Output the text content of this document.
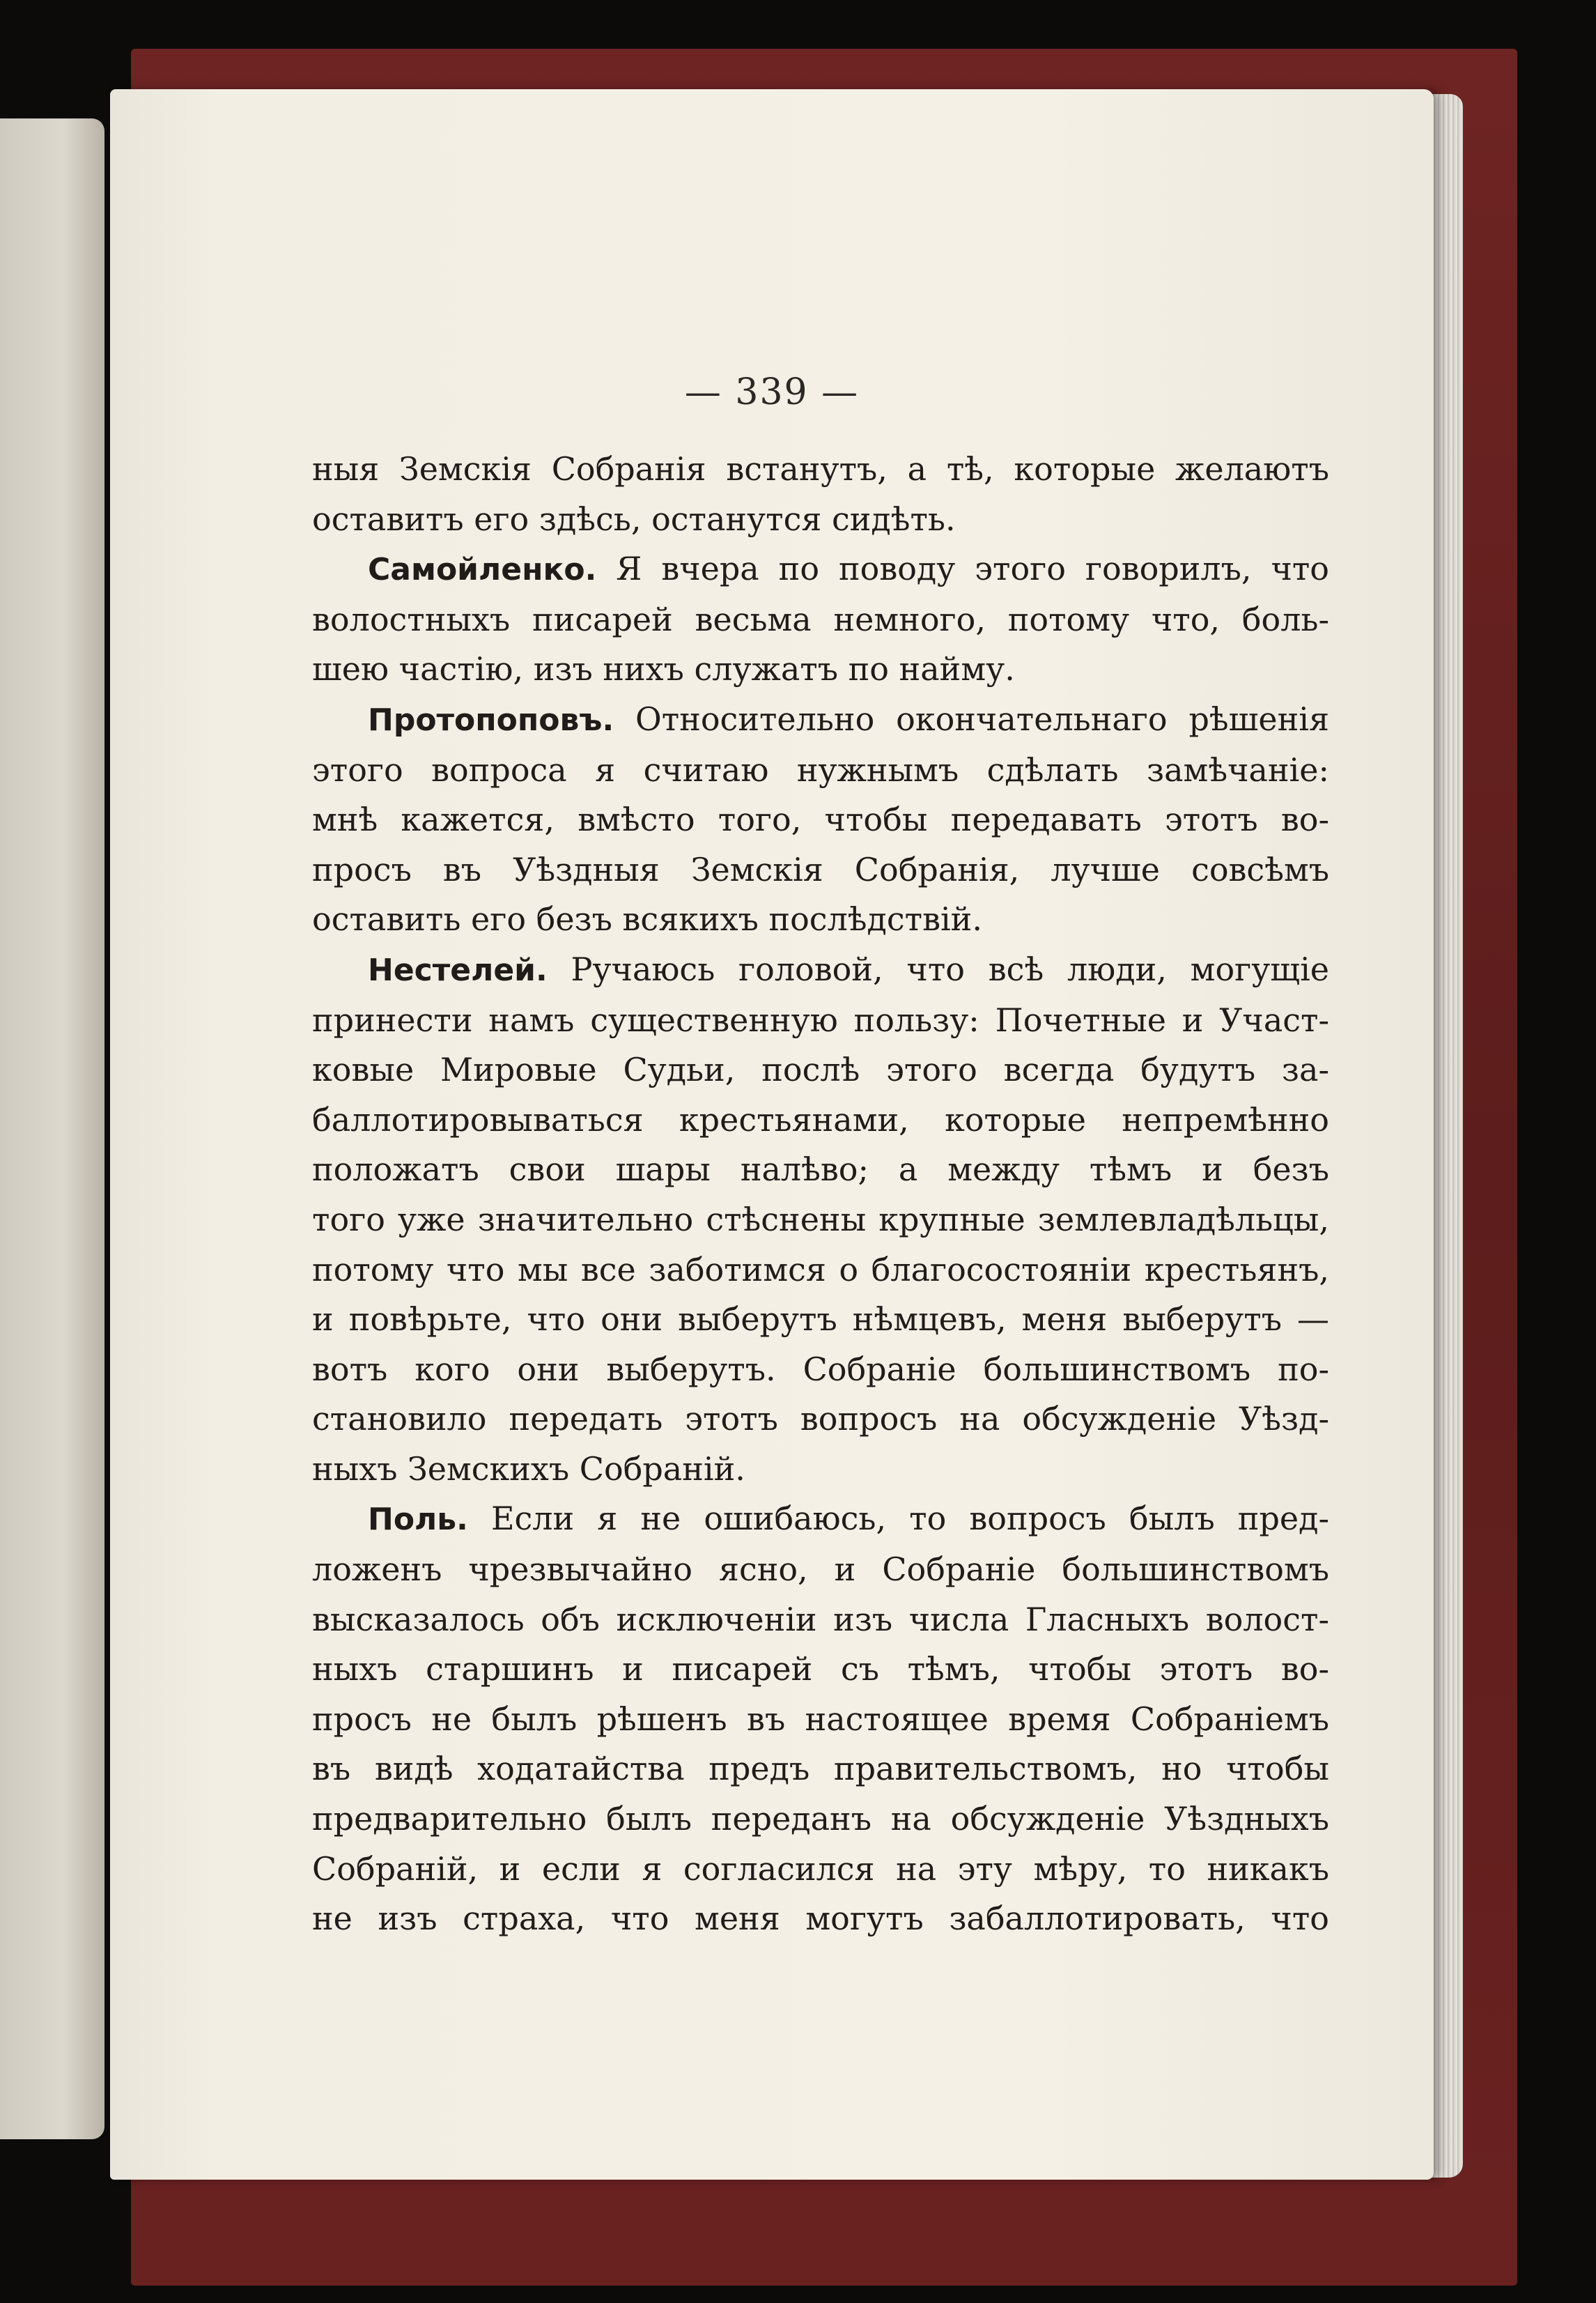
— 339 —
ныя Земскія Собранія встанутъ, а тѣ, которые желаютъ
оставитъ его здѣсь, останутся сидѣть.
Самойленко. Я вчера по поводу этого говорилъ, что
волостныхъ писарей весьма немного, потому что, боль-
шею частію, изъ нихъ служатъ по найму.
Протопоповъ. Относительно окончательнаго рѣшенія
этого вопроса я считаю нужнымъ сдѣлать замѣчаніе:
мнѣ кажется, вмѣсто того, чтобы передавать этотъ во-
просъ въ Уѣздныя Земскія Собранія, лучше совсѣмъ
оставить его безъ всякихъ послѣдствій.
Нестелей. Ручаюсь головой, что всѣ люди, могущіе
принести намъ существенную пользу: Почетные и Участ-
ковые Мировые Судьи, послѣ этого всегда будутъ за-
баллотировываться крестьянами, которые непремѣнно
положатъ свои шары налѣво; а между тѣмъ и безъ
того уже значительно стѣснены крупные землевладѣльцы,
потому что мы все заботимся о благосостояніи крестьянъ,
и повѣрьте, что они выберутъ нѣмцевъ, меня выберутъ —
вотъ кого они выберутъ. Собраніе большинствомъ по-
становило передать этотъ вопросъ на обсужденіе Уѣзд-
ныхъ Земскихъ Собраній.
Поль. Если я не ошибаюсь, то вопросъ былъ пред-
ложенъ чрезвычайно ясно, и Собраніе большинствомъ
высказалось объ исключеніи изъ числа Гласныхъ волост-
ныхъ старшинъ и писарей съ тѣмъ, чтобы этотъ во-
просъ не былъ рѣшенъ въ настоящее время Собраніемъ
въ видѣ ходатайства предъ правительствомъ, но чтобы
предварительно былъ переданъ на обсужденіе Уѣздныхъ
Собраній, и если я согласился на эту мѣру, то никакъ
не изъ страха, что меня могутъ забаллотировать, что
